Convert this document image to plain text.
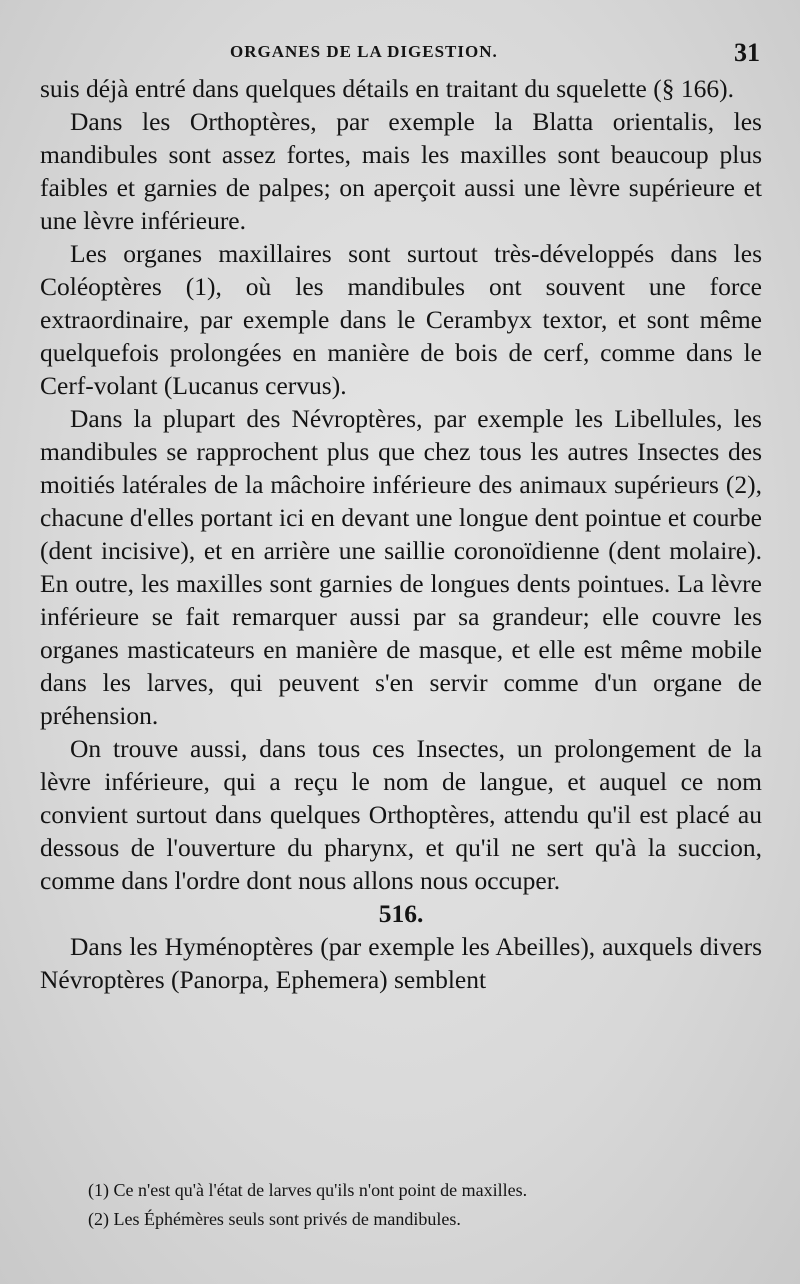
ORGANES DE LA DIGESTION.	31

suis déjà entré dans quelques détails en traitant du squelette (§ 166).

Dans les Orthoptères, par exemple la Blatta orientalis, les mandibules sont assez fortes, mais les maxilles sont beaucoup plus faibles et garnies de palpes; on aperçoit aussi une lèvre supérieure et une lèvre inférieure.

Les organes maxillaires sont surtout très-développés dans les Coléoptères (1), où les mandibules ont souvent une force extraordinaire, par exemple dans le Cerambyx textor, et sont même quelquefois prolongées en manière de bois de cerf, comme dans le Cerf-volant (Lucanus cervus).

Dans la plupart des Névroptères, par exemple les Libellules, les mandibules se rapprochent plus que chez tous les autres Insectes des moitiés latérales de la mâchoire inférieure des animaux supérieurs (2), chacune d'elles portant ici en devant une longue dent pointue et courbe (dent incisive), et en arrière une saillie coronoïdienne (dent molaire). En outre, les maxilles sont garnies de longues dents pointues. La lèvre inférieure se fait remarquer aussi par sa grandeur; elle couvre les organes masticateurs en manière de masque, et elle est même mobile dans les larves, qui peuvent s'en servir comme d'un organe de préhension.

On trouve aussi, dans tous ces Insectes, un prolongement de la lèvre inférieure, qui a reçu le nom de langue, et auquel ce nom convient surtout dans quelques Orthoptères, attendu qu'il est placé au dessous de l'ouverture du pharynx, et qu'il ne sert qu'à la succion, comme dans l'ordre dont nous allons nous occuper.

516.

Dans les Hyménoptères (par exemple les Abeilles), auxquels divers Névroptères (Panorpa, Ephemera) semblent

(1) Ce n'est qu'à l'état de larves qu'ils n'ont point de maxilles.

(2) Les Éphémères seuls sont privés de mandibules.
